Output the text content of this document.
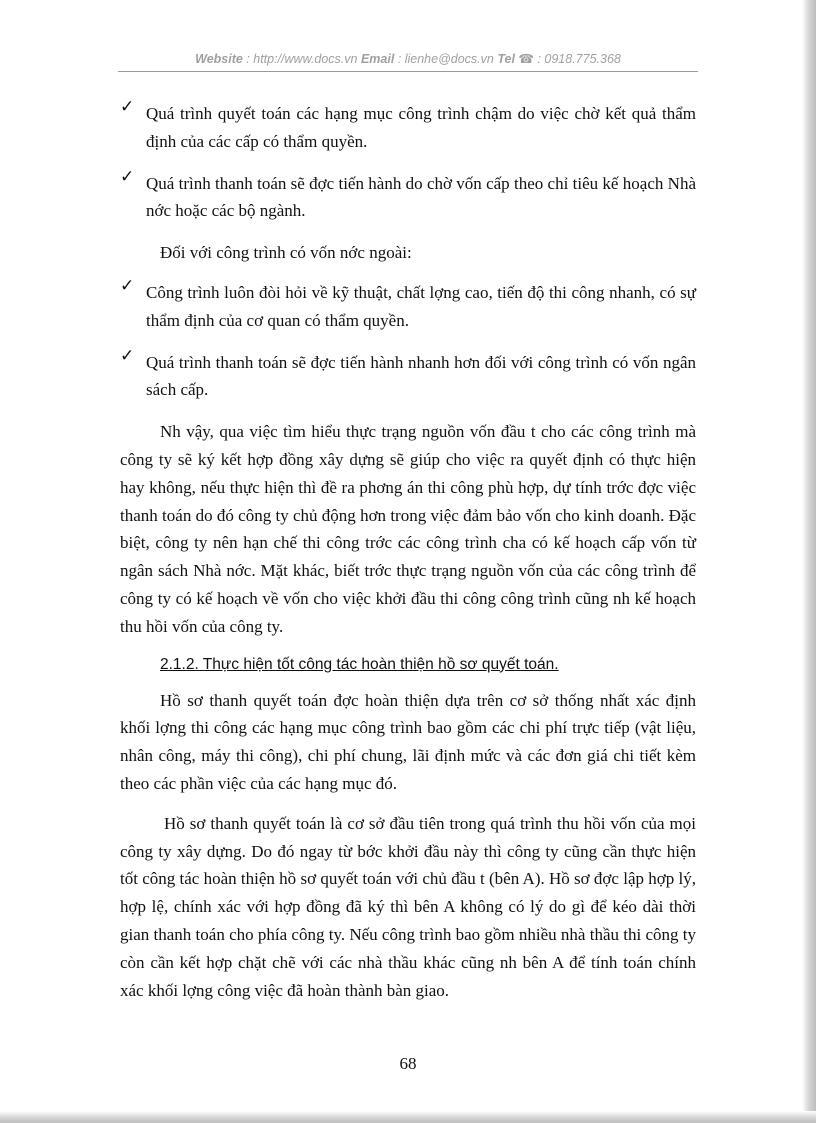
Website : http://www.docs.vn Email : lienhe@docs.vn Tel ☎ : 0918.775.368
✓ Quá trình quyết toán các hạng mục công trình chậm do việc chờ kết quả thẩm định của các cấp có thẩm quyền.

✓ Quá trình thanh toán sẽ đợc tiến hành do chờ vốn cấp theo chỉ tiêu kế hoạch Nhà nớc hoặc các bộ ngành.

Đối với công trình có vốn nớc ngoài:

✓ Công trình luôn đòi hỏi về kỹ thuật, chất lợng cao, tiến độ thi công nhanh, có sự thẩm định của cơ quan có thẩm quyền.

✓ Quá trình thanh toán sẽ đợc tiến hành nhanh hơn đối với công trình có vốn ngân sách cấp.

Nh vậy, qua việc tìm hiểu thực trạng nguồn vốn đầu t cho các công trình mà công ty sẽ ký kết hợp đồng xây dựng sẽ giúp cho việc ra quyết định có thực hiện hay không, nếu thực hiện thì đề ra phơng án thi công phù hợp, dự tính trớc đợc việc thanh toán do đó công ty chủ động hơn trong việc đảm bảo vốn cho kinh doanh. Đặc biệt, công ty nên hạn chế thi công trớc các công trình cha có kế hoạch cấp vốn từ ngân sách Nhà nớc. Mặt khác, biết trớc thực trạng nguồn vốn của các công trình để công ty có kế hoạch về vốn cho việc khởi đầu thi công công trình cũng nh kế hoạch thu hồi vốn của công ty.

2.1.2. Thực hiện tốt công tác hoàn thiện hồ sơ quyết toán.

Hồ sơ thanh quyết toán đợc hoàn thiện dựa trên cơ sở thống nhất xác định khối lợng thi công các hạng mục công trình bao gồm các chi phí trực tiếp (vật liệu, nhân công, máy thi công), chi phí chung, lãi định mức và các đơn giá chi tiết kèm theo các phần việc của các hạng mục đó.

Hồ sơ thanh quyết toán là cơ sở đầu tiên trong quá trình thu hồi vốn của mọi công ty xây dựng. Do đó ngay từ bớc khởi đầu này thì công ty cũng cần thực hiện tốt công tác hoàn thiện hồ sơ quyết toán với chủ đầu t (bên A). Hồ sơ đợc lập hợp lý, hợp lệ, chính xác với hợp đồng đã ký thì bên A không có lý do gì để kéo dài thời gian thanh toán cho phía công ty. Nếu công trình bao gồm nhiều nhà thầu thi công ty còn cần kết hợp chặt chẽ với các nhà thầu khác cũng nh bên A để tính toán chính xác khối lợng công việc đã hoàn thành bàn giao.

68
